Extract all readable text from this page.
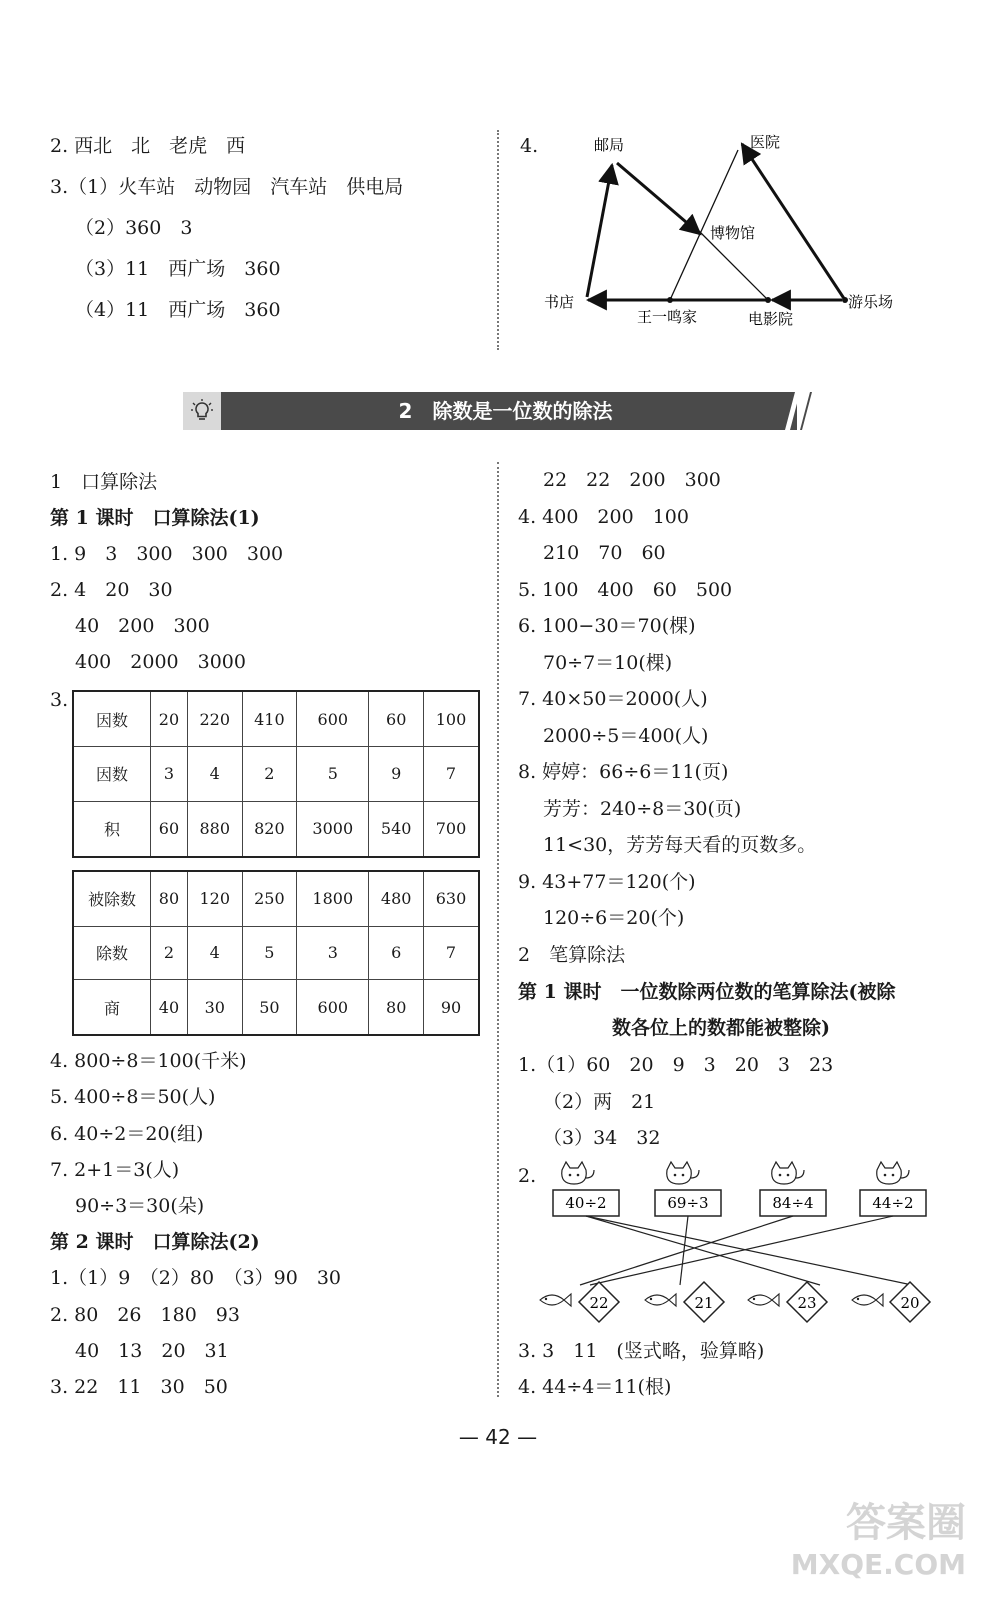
2. 西北　北　老虎　西
3.（1）火车站　动物园　汽车站　供电局
（2）360　3
（3）11　西广场　360
（4）11　西广场　360
4.	邮局	医院
博物馆
书店
王一鸣家	电影院
游乐场
2　除数是一位数的除法
1　口算除法
第 1 课时　口算除法(1)
1. 9　3　300　300　300
2. 4　20　30
40　200　300
400　2000　3000
3.
因数	20	220	410	600	60	100
因数	3	4	2	5	9	7
积	60	880	820	3000	540	700
被除数	80	120	250	1800	480	630
除数	2	4	5	3	6	7
商	40	30	50	600	80	90
4. 800÷8＝100(千米)
5. 400÷8＝50(人)
6. 40÷2＝20(组)
7. 2+1＝3(人)
90÷3＝30(朵)
第 2 课时　口算除法(2)
1.（1）9　（2）80　（3）90　30
2. 80　26　180　93
40　13　20　31
3. 22　11　30　50
22　22　200　300
4. 400　200　100
210　70　60
5. 100　400　60　500
6. 100−30＝70(棵)
70÷7＝10(棵)
7. 40×50＝2000(人)
2000÷5＝400(人)
8. 婷婷：66÷6＝11(页)
芳芳：240÷8＝30(页)
11<30，芳芳每天看的页数多。
9. 43+77＝120(个)
120÷6＝20(个)
2　笔算除法
第 1 课时　一位数除两位数的笔算除法(被除
数各位上的数都能被整除)
1.（1）60　20　9　3　20　3　23
（2）两　21
（3）34　32
2.
40÷2	69÷3	84÷4	44÷2
22	21	23	20
3. 3　11　(竖式略，验算略)
4. 44÷4＝11(根)
— 42 —
答案圈
MXQE.COM
